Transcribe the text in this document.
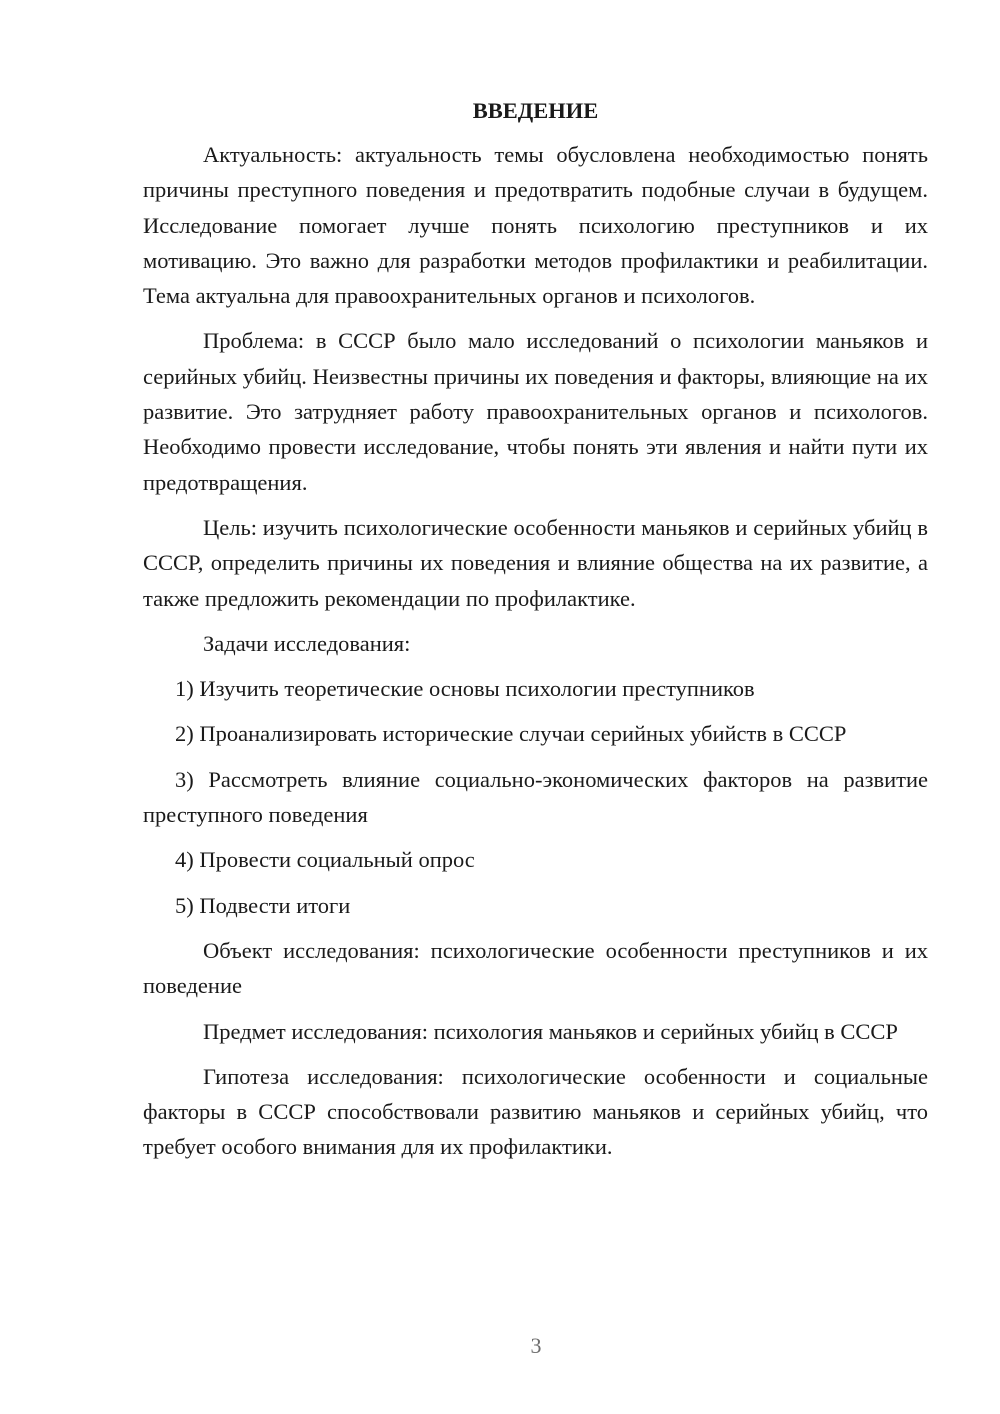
ВВЕДЕНИЕ

Актуальность: актуальность темы обусловлена необходимостью понять причины преступного поведения и предотвратить подобные случаи в будущем. Исследование помогает лучше понять психологию преступников и их мотивацию. Это важно для разработки методов профилактики и реабилитации. Тема актуальна для правоохранительных органов и психологов.

Проблема: в СССР было мало исследований о психологии маньяков и серийных убийц. Неизвестны причины их поведения и факторы, влияющие на их развитие. Это затрудняет работу правоохранительных органов и психологов. Необходимо провести исследование, чтобы понять эти явления и найти пути их предотвращения.

Цель: изучить психологические особенности маньяков и серийных убийц в СССР, определить причины их поведения и влияние общества на их развитие, а также предложить рекомендации по профилактике.

Задачи исследования:

1) Изучить теоретические основы психологии преступников

2) Проанализировать исторические случаи серийных убийств в СССР

3) Рассмотреть влияние социально-экономических факторов на развитие преступного поведения

4) Провести социальный опрос

5) Подвести итоги

Объект исследования: психологические особенности преступников и их поведение

Предмет исследования: психология маньяков и серийных убийц в СССР

Гипотеза исследования: психологические особенности и социальные факторы в СССР способствовали развитию маньяков и серийных убийц, что требует особого внимания для их профилактики.

3
